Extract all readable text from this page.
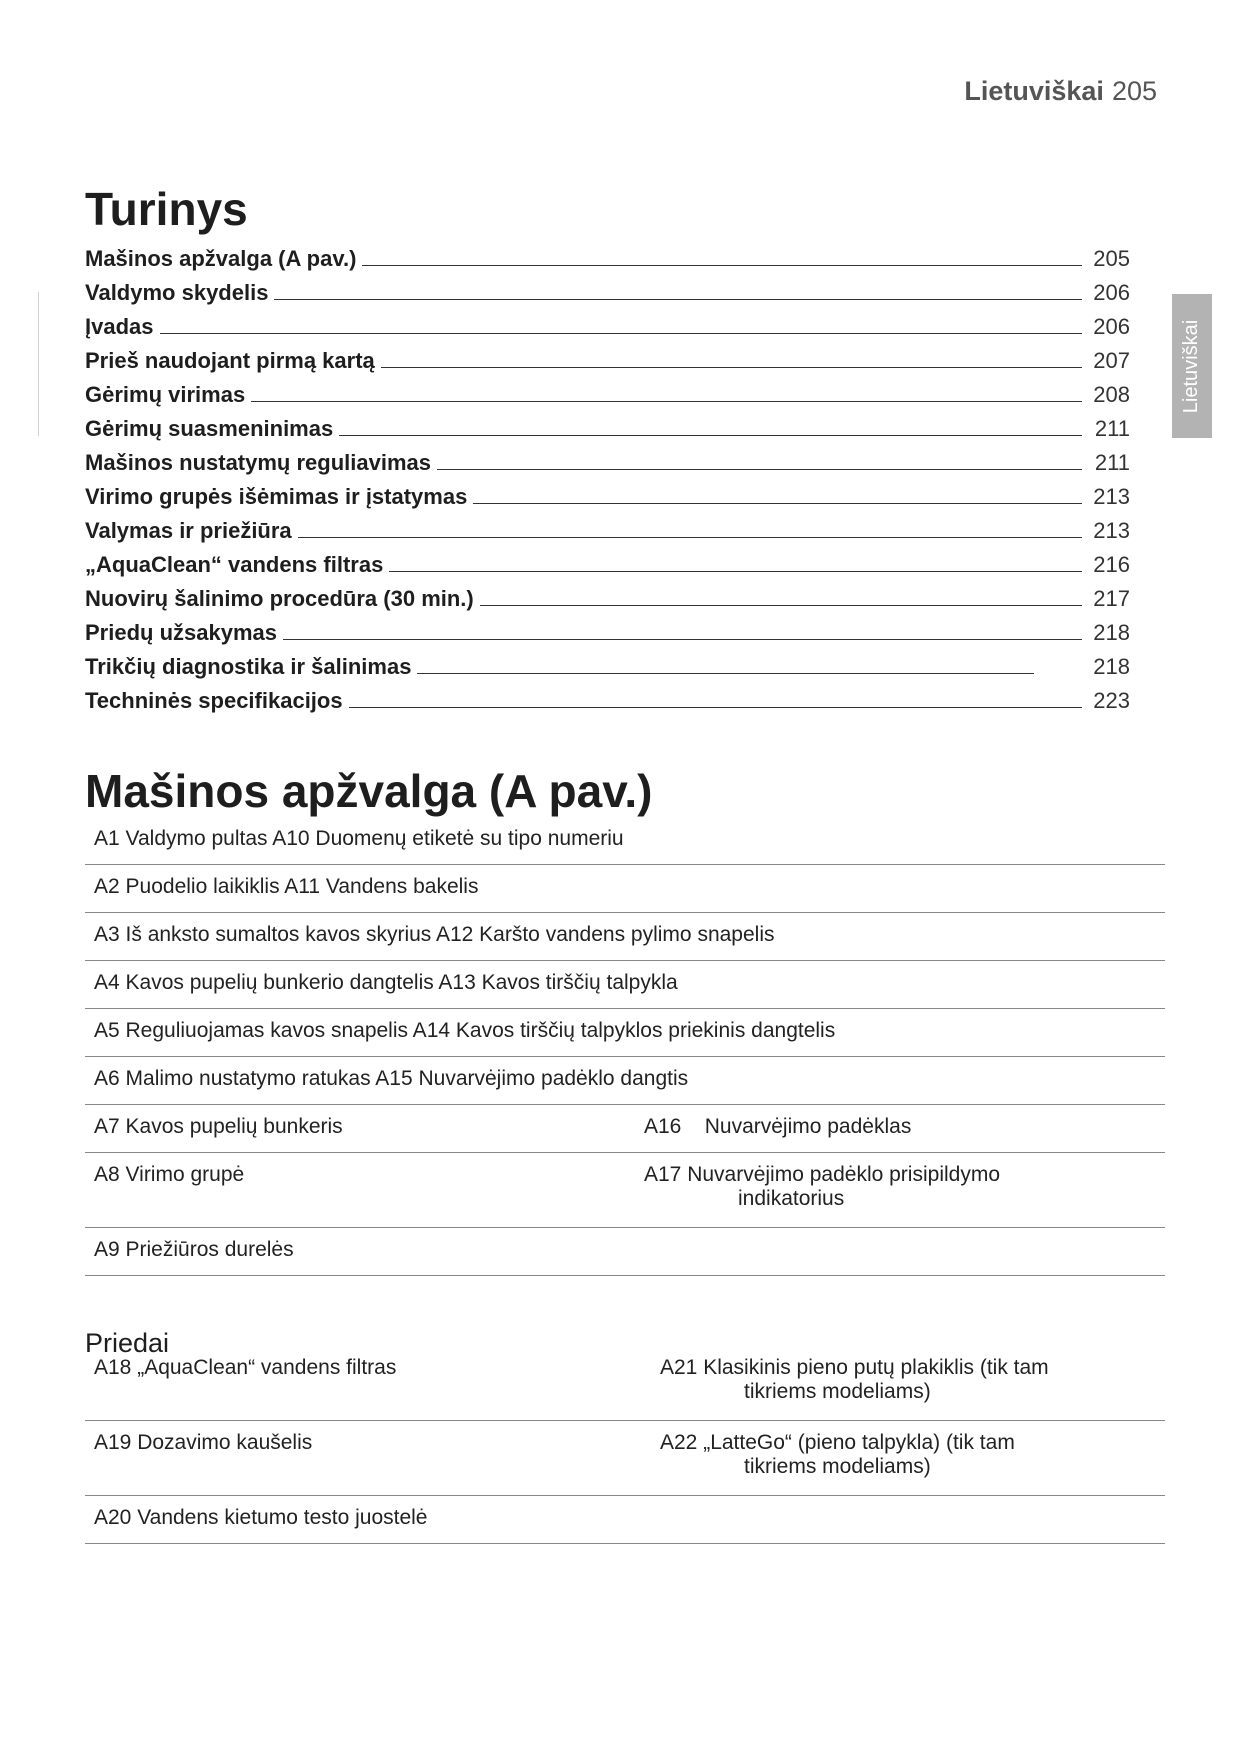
Lietuviškai 205
Lietuviškai
Turinys
Mašinos apžvalga (A pav.)	205
Valdymo skydelis	206
Įvadas	206
Prieš naudojant pirmą kartą	207
Gėrimų virimas	208
Gėrimų suasmeninimas	211
Mašinos nustatymų reguliavimas	211
Virimo grupės išėmimas ir įstatymas	213
Valymas ir priežiūra	213
„AquaClean“ vandens filtras	216
Nuovirų šalinimo procedūra (30 min.)	217
Priedų užsakymas	218
Trikčių diagnostika ir šalinimas	218
Techninės specifikacijos	223
Mašinos apžvalga (A pav.)
A1 Valdymo pultas A10 Duomenų etiketė su tipo numeriu
A2 Puodelio laikiklis A11 Vandens bakelis
A3 Iš anksto sumaltos kavos skyrius A12 Karšto vandens pylimo snapelis
A4 Kavos pupelių bunkerio dangtelis A13 Kavos tirščių talpykla
A5 Reguliuojamas kavos snapelis A14 Kavos tirščių talpyklos priekinis dangtelis
A6 Malimo nustatymo ratukas A15 Nuvarvėjimo padėklo dangtis
A7 Kavos pupelių bunkeris	A16 Nuvarvėjimo padėklas
A8 Virimo grupė	A17 Nuvarvėjimo padėklo prisipildymo
indikatorius
A9 Priežiūros durelės
Priedai
A18 „AquaClean“ vandens filtras	A21 Klasikinis pieno putų plakiklis (tik tam
tikriems modeliams)
A19 Dozavimo kaušelis	A22 „LatteGo“ (pieno talpykla) (tik tam
tikriems modeliams)
A20 Vandens kietumo testo juostelė
